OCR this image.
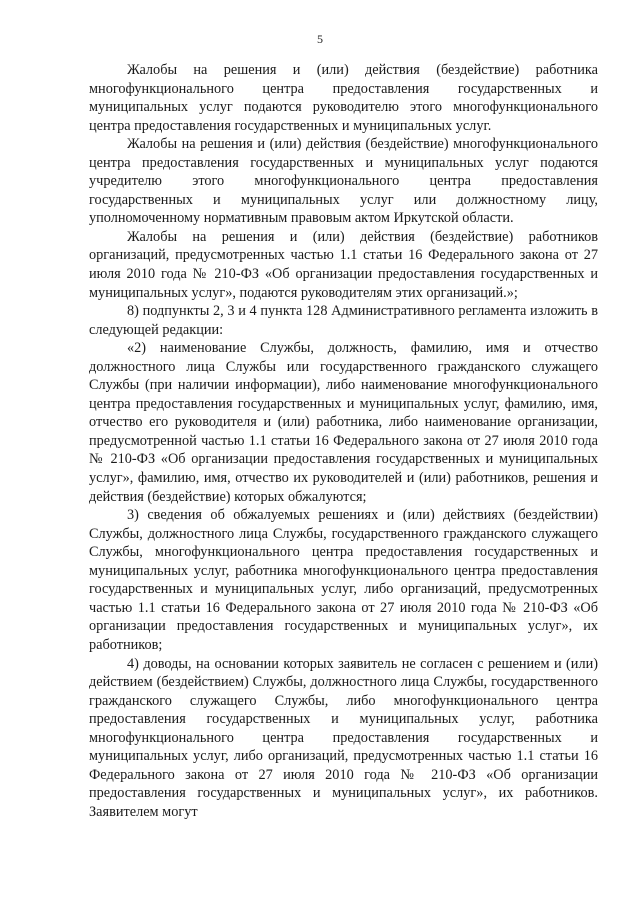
5

Жалобы на решения и (или) действия (бездействие) работника многофункционального центра предоставления государственных и муниципальных услуг подаются руководителю этого многофункционального центра предоставления государственных и муниципальных услуг.

Жалобы на решения и (или) действия (бездействие) многофункционального центра предоставления государственных и муниципальных услуг подаются учредителю этого многофункционального центра предоставления государственных и муниципальных услуг или должностному лицу, уполномоченному нормативным правовым актом Иркутской области.

Жалобы на решения и (или) действия (бездействие) работников организаций, предусмотренных частью 1.1 статьи 16 Федерального закона от 27 июля 2010 года № 210-ФЗ «Об организации предоставления государственных и муниципальных услуг», подаются руководителям этих организаций.»;

8) подпункты 2, 3 и 4 пункта 128 Административного регламента изложить в следующей редакции:

«2) наименование Службы, должность, фамилию, имя и отчество должностного лица Службы или государственного гражданского служащего Службы (при наличии информации), либо наименование многофункционального центра предоставления государственных и муниципальных услуг, фамилию, имя, отчество его руководителя и (или) работника, либо наименование организации, предусмотренной частью 1.1 статьи 16 Федерального закона от 27 июля 2010 года № 210-ФЗ «Об организации предоставления государственных и муниципальных услуг», фамилию, имя, отчество их руководителей и (или) работников, решения и действия (бездействие) которых обжалуются;

3) сведения об обжалуемых решениях и (или) действиях (бездействии) Службы, должностного лица Службы, государственного гражданского служащего Службы, многофункционального центра предоставления государственных и муниципальных услуг, работника многофункционального центра предоставления государственных и муниципальных услуг, либо организаций, предусмотренных частью 1.1 статьи 16 Федерального закона от 27 июля 2010 года № 210-ФЗ «Об организации предоставления государственных и муниципальных услуг», их работников;

4) доводы, на основании которых заявитель не согласен с решением и (или) действием (бездействием) Службы, должностного лица Службы, государственного гражданского служащего Службы, либо многофункционального центра предоставления государственных и муниципальных услуг, работника многофункционального центра предоставления государственных и муниципальных услуг, либо организаций, предусмотренных частью 1.1 статьи 16 Федерального закона от 27 июля 2010 года № 210-ФЗ «Об организации предоставления государственных и муниципальных услуг», их работников. Заявителем могут
